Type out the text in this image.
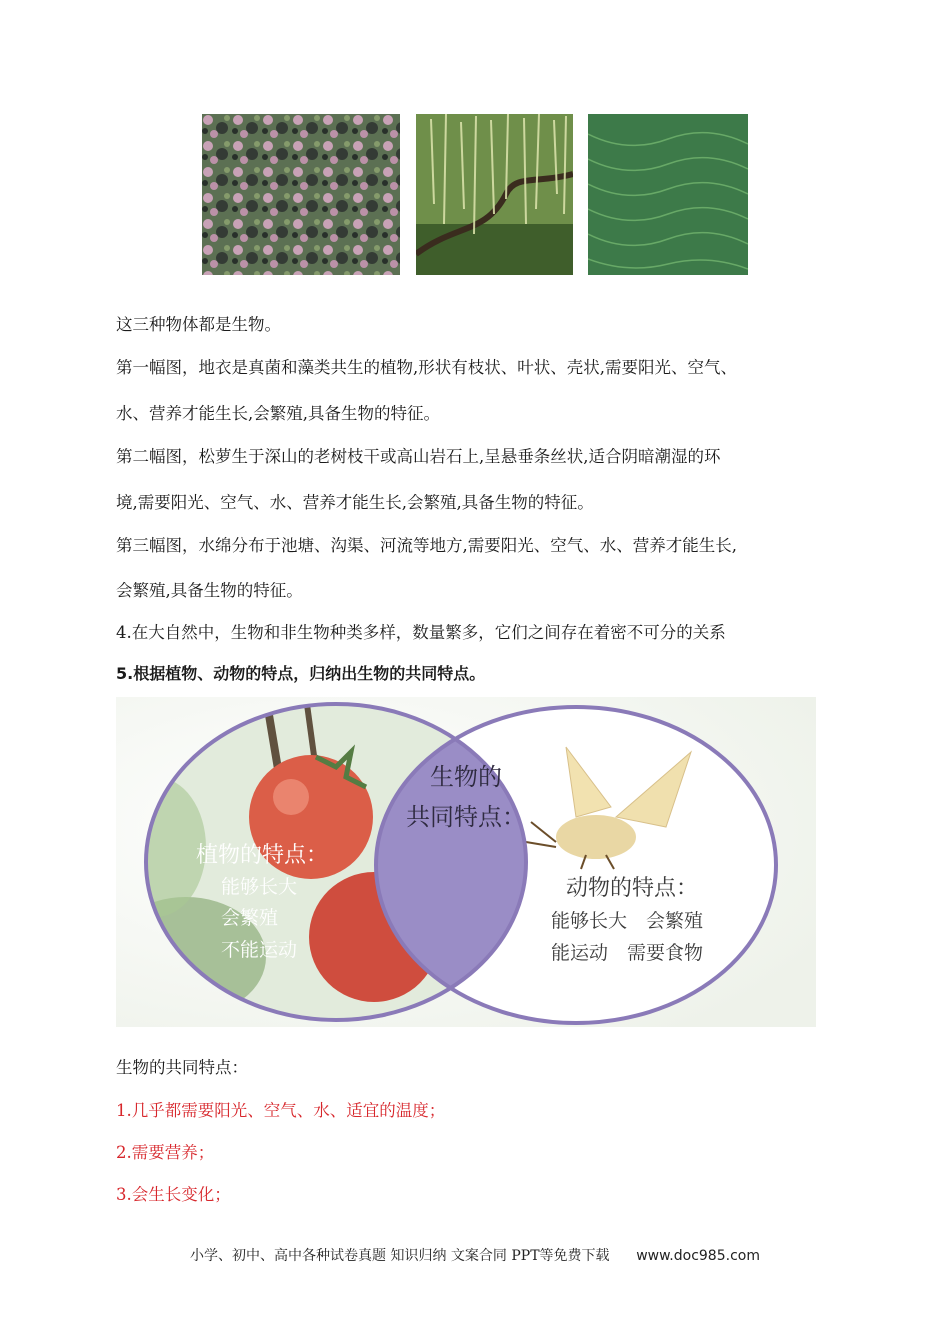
这三种物体都是生物。
第一幅图，地衣是真菌和藻类共生的植物,形状有枝状、叶状、壳状,需要阳光、空气、
水、营养才能生长,会繁殖,具备生物的特征。
第二幅图，松萝生于深山的老树枝干或高山岩石上,呈悬垂条丝状,适合阴暗潮湿的环
境,需要阳光、空气、水、营养才能生长,会繁殖,具备生物的特征。
第三幅图，水绵分布于池塘、沟渠、河流等地方,需要阳光、空气、水、营养才能生长,
会繁殖,具备生物的特征。
4.在大自然中，生物和非生物种类多样，数量繁多，它们之间存在着密不可分的关系
5.根据植物、动物的特点，归纳出生物的共同特点。
生物的
共同特点：
植物的特点：
能够长大
会繁殖
不能运动
动物的特点：
能够长大　会繁殖
能运动　需要食物
生物的共同特点：
1.几乎都需要阳光、空气、水、适宜的温度；
2.需要营养；
3.会生长变化；
小学、初中、高中各种试卷真题 知识归纳 文案合同 PPT等免费下载 www.doc985.com
